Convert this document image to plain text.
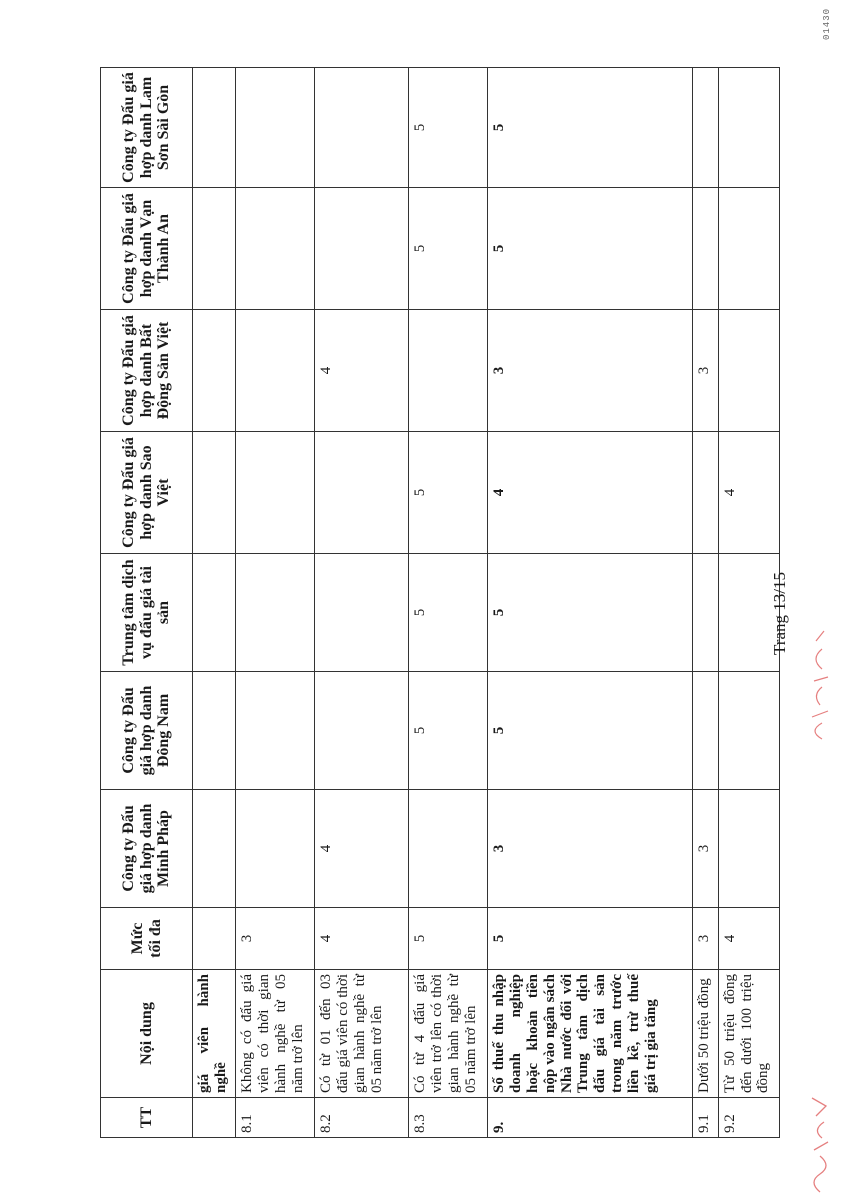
TT	Nội dung	Mức tối đa	Công ty Đấu giá hợp danh Minh Pháp	Công ty Đấu giá hợp danh Đông Nam	Trung tâm dịch vụ đấu giá tài sản	Công ty Đấu giá hợp danh Sao Việt	Công ty Đấu giá hợp danh Bất Động Sản Việt	Công ty Đấu giá hợp danh Vạn Thành An	Công ty Đấu giá hợp danh Lam Sơn Sài Gòn
	giá viên hành nghề								
8.1	Không có đấu giá viên có thời gian hành nghề từ 05 năm trở lên	3							
8.2	Có từ 01 đến 03 đấu giá viên có thời gian hành nghề từ 05 năm trở lên	4	4				4		
8.3	Có từ 4 đấu giá viên trở lên có thời gian hành nghề từ 05 năm trở lên	5		5	5	5		5	5
9.	Số thuế thu nhập doanh nghiệp hoặc khoản tiền nộp vào ngân sách Nhà nước đối với Trung tâm dịch đấu giá tài sản trong năm trước liền kề, trừ thuế giá trị gia tăng	5	3	5	5	4	3	5	5
9.1	Dưới 50 triệu đồng	3	3				3		
9.2	Từ 50 triệu đồng đến dưới 100 triệu đồng	4				4			
Trang 13/15
01430
